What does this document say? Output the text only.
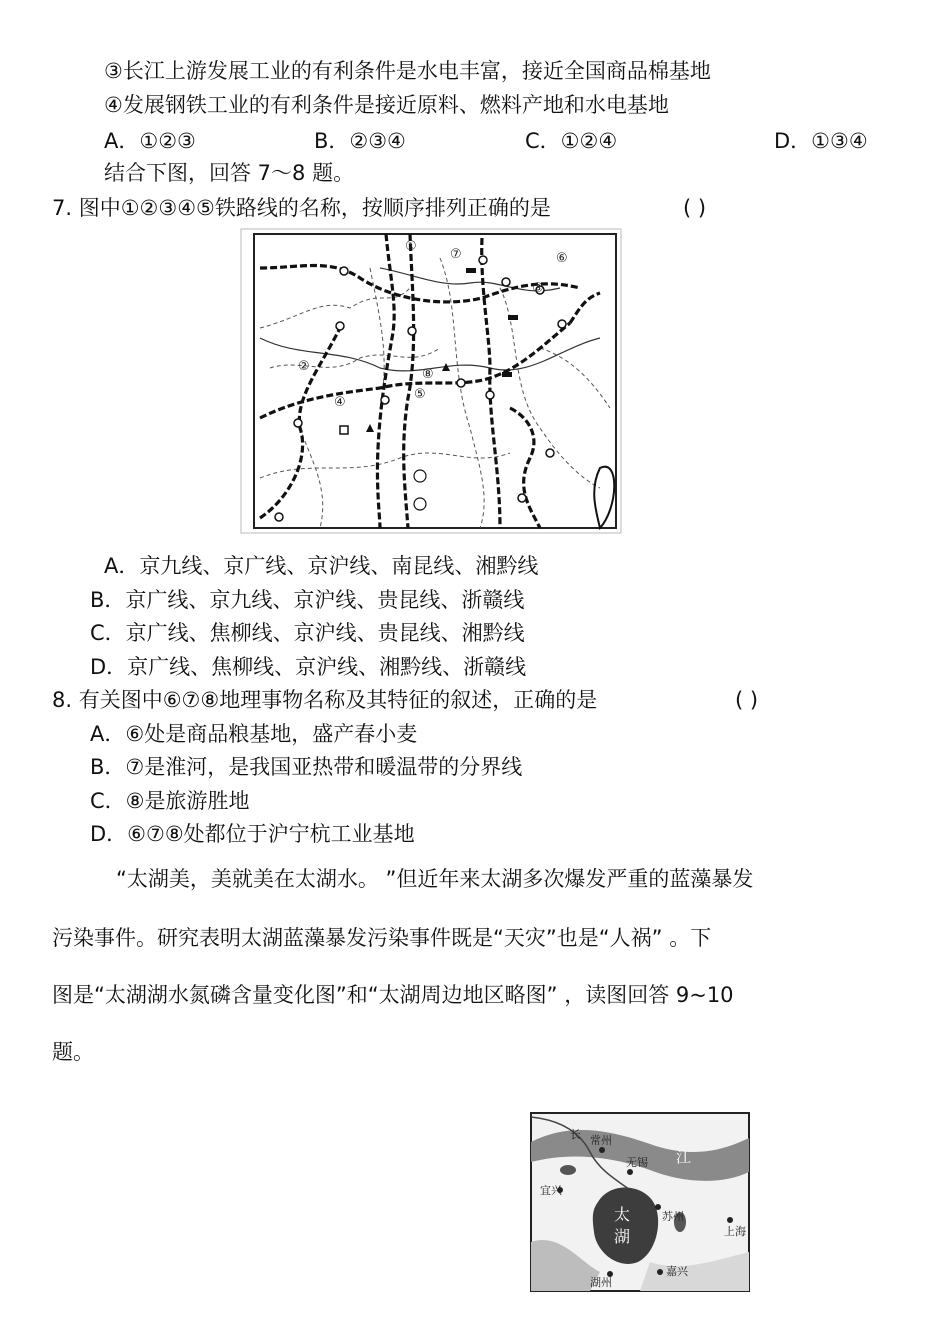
③长江上游发展工业的有利条件是水电丰富，接近全国商品棉基地
④发展钢铁工业的有利条件是接近原料、燃料产地和水电基地
A．①②③	B．②③④	C．①②④	D．①③④
结合下图，回答 7～8 题。
7. 图中①②③④⑤铁路线的名称，按顺序排列正确的是	( )
①
②
③
④
⑤
⑥
⑦
⑧
A．京九线、京广线、京沪线、南昆线、湘黔线
B．京广线、京九线、京沪线、贵昆线、浙赣线
C．京广线、焦柳线、京沪线、贵昆线、湘黔线
D．京广线、焦柳线、京沪线、湘黔线、浙赣线
8. 有关图中⑥⑦⑧地理事物名称及其特征的叙述，正确的是	( )
A．⑥处是商品粮基地，盛产春小麦
B．⑦是淮河，是我国亚热带和暖温带的分界线
C．⑧是旅游胜地
D．⑥⑦⑧处都位于沪宁杭工业基地
“太湖美，美就美在太湖水。 ”但近年来太湖多次爆发严重的蓝藻暴发
污染事件。研究表明太湖蓝藻暴发污染事件既是“天灾”也是“人祸” 。下
图是“太湖湖水氮磷含量变化图”和“太湖周边地区略图” ，读图回答 9~10
题。
长
江
常州
无锡
宜兴
苏州
上海
嘉兴
湖州
太
湖
